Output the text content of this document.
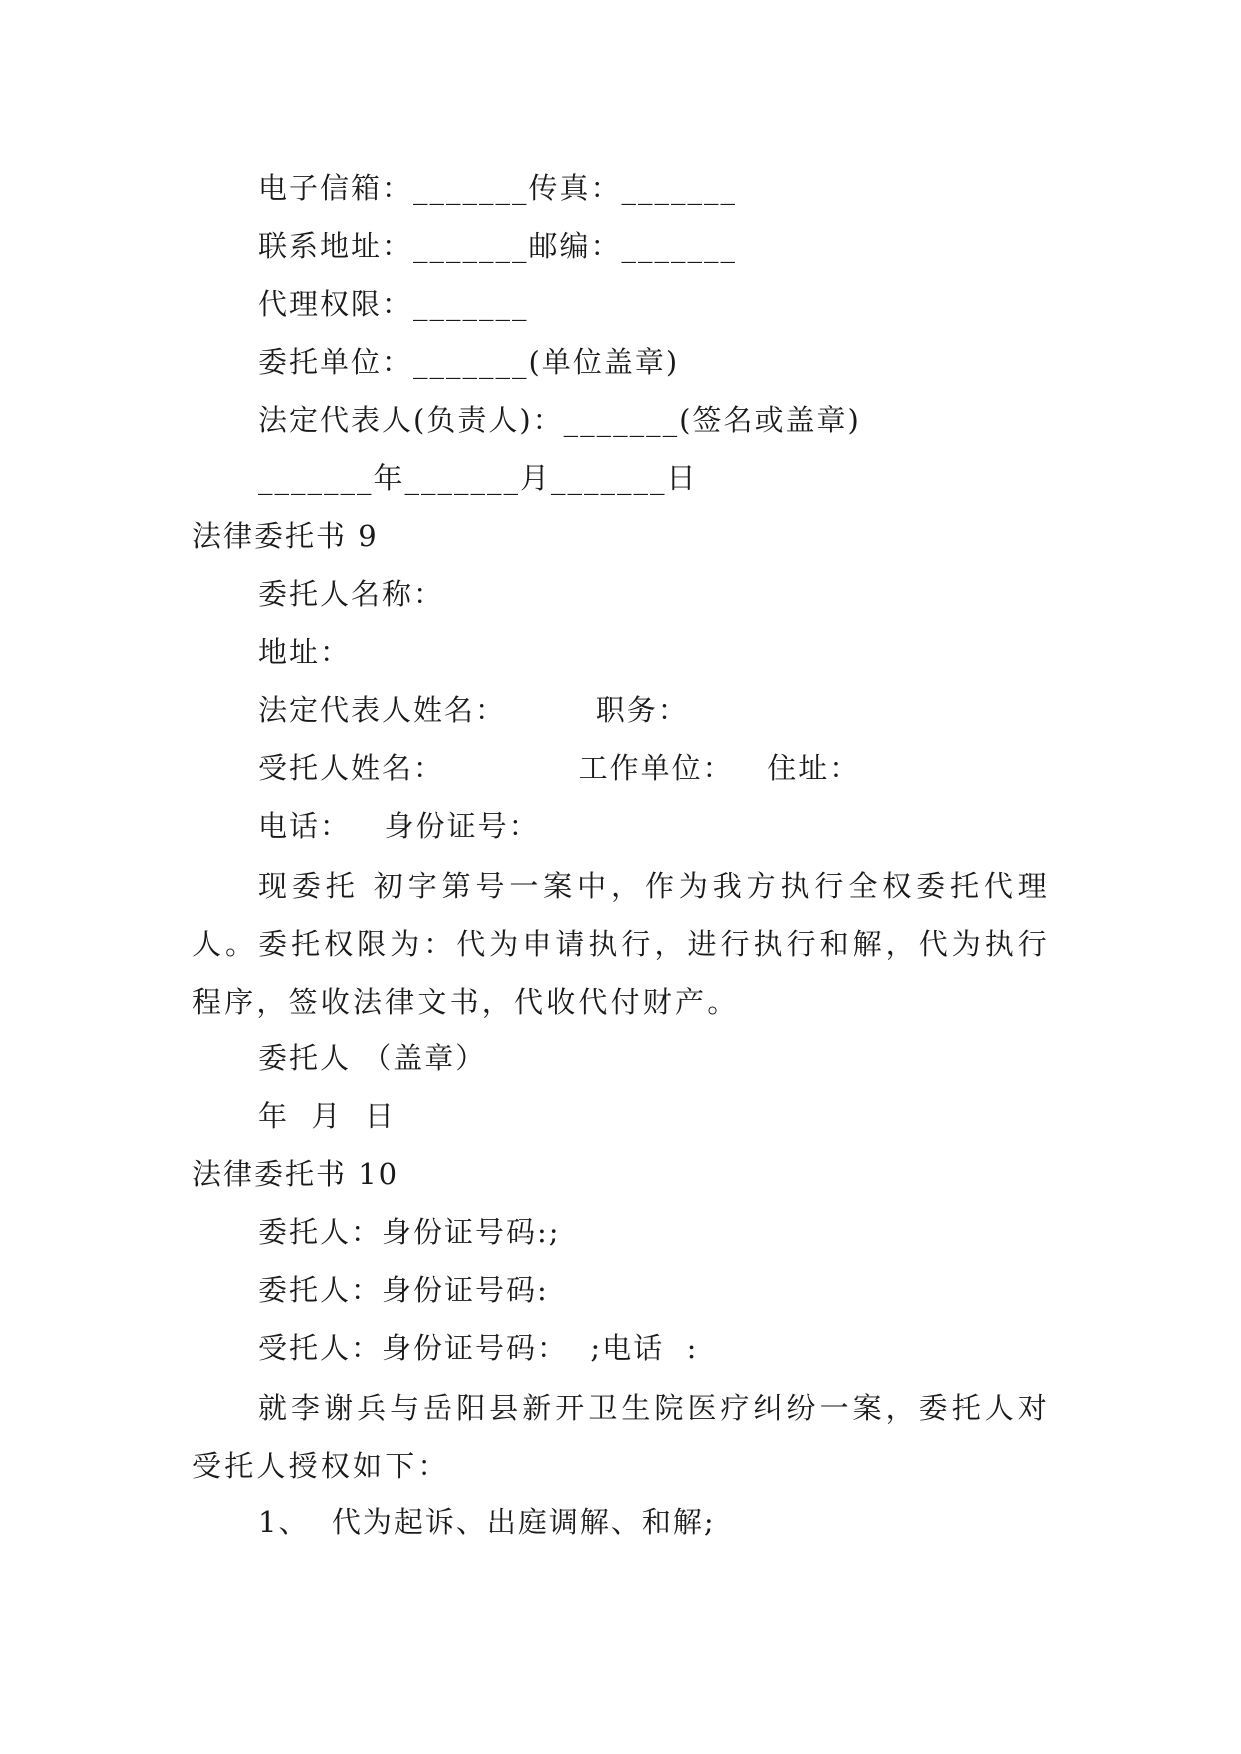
电子信箱：_______传真：_______
联系地址：_______邮编：_______
代理权限：_______
委托单位：_______(单位盖章)
法定代表人(负责人)：_______(签名或盖章)
_______年_______月_______日
法律委托书 9
委托人名称：
地址：
法定代表人姓名：        职务：
受托人姓名：            工作单位：   住址：
电话：   身份证号：
现委托 初字第号一案中，作为我方执行全权委托代理人。委托权限为：代为申请执行，进行执行和解，代为执行程序，签收法律文书，代收代付财产。
委托人 （盖章）
年  月  日
法律委托书 10
委托人：身份证号码:;
委托人：身份证号码:
受托人：身份证号码：  ;电话  :
就李谢兵与岳阳县新开卫生院医疗纠纷一案，委托人对受托人授权如下：
1、  代为起诉、出庭调解、和解;
